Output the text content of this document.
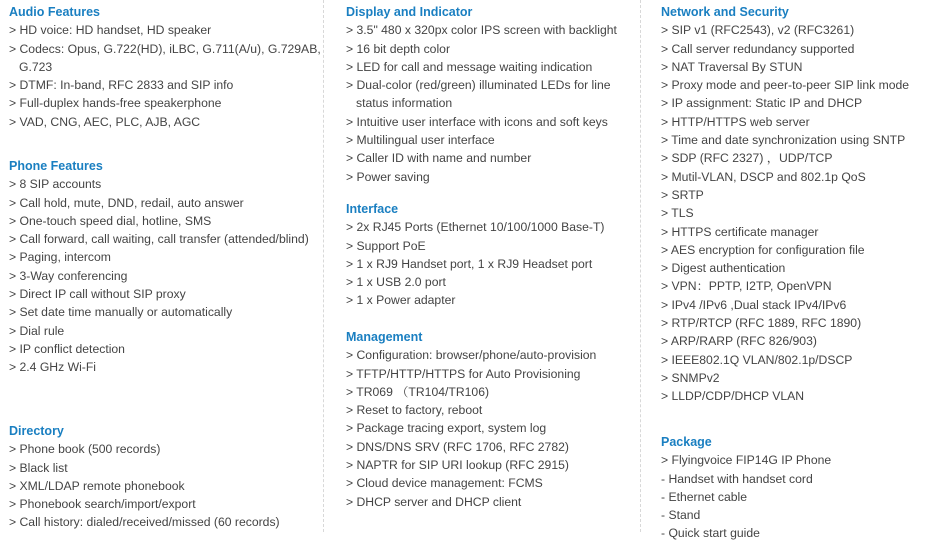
Audio Features
> HD voice: HD handset, HD speaker
> Codecs: Opus, G.722(HD), iLBC, G.711(A/u), G.729AB,
G.723
> DTMF: In-band, RFC 2833 and SIP info
> Full-duplex hands-free speakerphone
> VAD, CNG, AEC, PLC, AJB, AGC
Phone Features
> 8 SIP accounts
> Call hold, mute, DND, redail, auto answer
> One-touch speed dial, hotline, SMS
> Call forward, call waiting, call transfer (attended/blind)
> Paging, intercom
> 3-Way conferencing
> Direct IP call without SIP proxy
> Set date time manually or automatically
> Dial rule
> IP conflict detection
> 2.4 GHz Wi-Fi
Directory
> Phone book (500 records)
> Black list
> XML/LDAP remote phonebook
> Phonebook search/import/export
> Call history: dialed/received/missed (60 records)
Display and Indicator
> 3.5" 480 x 320px color IPS screen with backlight
> 16 bit depth color
> LED for call and message waiting indication
> Dual-color (red/green) illuminated LEDs for line
status information
> Intuitive user interface with icons and soft keys
> Multilingual user interface
> Caller ID with name and number
> Power saving
Interface
> 2x RJ45 Ports (Ethernet 10/100/1000 Base-T)
> Support PoE
> 1 x RJ9 Handset port, 1 x RJ9 Headset port
> 1 x USB 2.0 port
> 1 x Power adapter
Management
> Configuration: browser/phone/auto-provision
> TFTP/HTTP/HTTPS for Auto Provisioning
> TR069 （TR104/TR106)
> Reset to factory, reboot
> Package tracing export, system log
> DNS/DNS SRV (RFC 1706, RFC 2782)
> NAPTR for SIP URI lookup (RFC 2915)
> Cloud device management: FCMS
> DHCP server and DHCP client
Network and Security
> SIP v1 (RFC2543), v2 (RFC3261)
> Call server redundancy supported
> NAT Traversal By STUN
> Proxy mode and peer-to-peer SIP link mode
> IP assignment: Static IP and DHCP
> HTTP/HTTPS web server
> Time and date synchronization using SNTP
> SDP (RFC 2327) ，UDP/TCP
> Mutil-VLAN, DSCP and 802.1p QoS
> SRTP
> TLS
> HTTPS certificate manager
> AES encryption for configuration file
> Digest authentication
> VPN：PPTP, I2TP, OpenVPN
> IPv4 /IPv6 ,Dual stack IPv4/IPv6
> RTP/RTCP (RFC 1889, RFC 1890)
> ARP/RARP (RFC 826/903)
> IEEE802.1Q VLAN/802.1p/DSCP
> SNMPv2
> LLDP/CDP/DHCP VLAN
Package
> Flyingvoice FIP14G IP Phone
- Handset with handset cord
- Ethernet cable
- Stand
- Quick start guide
